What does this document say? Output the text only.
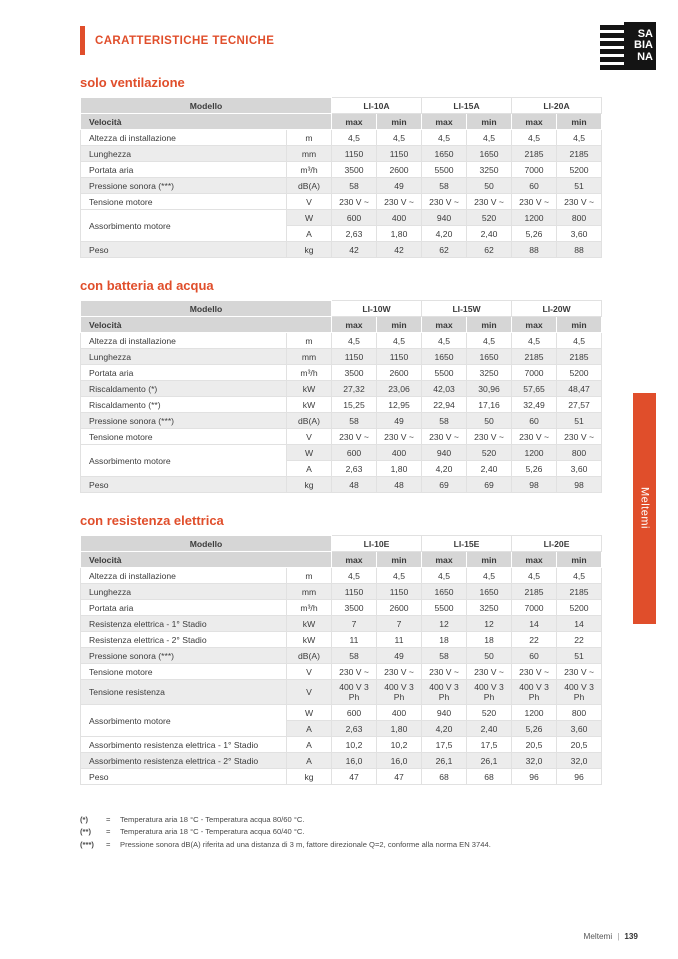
CARATTERISTICHE TECNICHE
SA
BIA
NA
solo ventilazione
Modello		LI-10A		LI-15A		LI-20A	
Velocità		max	min	max	min	max	min
Altezza di installazione	m	4,5	4,5	4,5	4,5	4,5	4,5
Lunghezza	mm	1150	1150	1650	1650	2185	2185
Portata aria	m³/h	3500	2600	5500	3250	7000	5200
Pressione sonora (***)	dB(A)	58	49	58	50	60	51
Tensione motore	V	230 V ~	230 V ~	230 V ~	230 V ~	230 V ~	230 V ~
Assorbimento motore	W	600	400	940	520	1200	800
	A	2,63	1,80	4,20	2,40	5,26	3,60
Peso	kg	42	42	62	62	88	88
con batteria ad acqua
Modello		LI-10W		LI-15W		LI-20W	
Velocità		max	min	max	min	max	min
Altezza di installazione	m	4,5	4,5	4,5	4,5	4,5	4,5
Lunghezza	mm	1150	1150	1650	1650	2185	2185
Portata aria	m³/h	3500	2600	5500	3250	7000	5200
Riscaldamento (*)	kW	27,32	23,06	42,03	30,96	57,65	48,47
Riscaldamento (**)	kW	15,25	12,95	22,94	17,16	32,49	27,57
Pressione sonora (***)	dB(A)	58	49	58	50	60	51
Tensione motore	V	230 V ~	230 V ~	230 V ~	230 V ~	230 V ~	230 V ~
Assorbimento motore	W	600	400	940	520	1200	800
	A	2,63	1,80	4,20	2,40	5,26	3,60
Peso	kg	48	48	69	69	98	98
con resistenza elettrica
Modello		LI-10E		LI-15E		LI-20E	
Velocità		max	min	max	min	max	min
Altezza di installazione	m	4,5	4,5	4,5	4,5	4,5	4,5
Lunghezza	mm	1150	1150	1650	1650	2185	2185
Portata aria	m³/h	3500	2600	5500	3250	7000	5200
Resistenza elettrica - 1° Stadio	kW	7	7	12	12	14	14
Resistenza elettrica - 2° Stadio	kW	11	11	18	18	22	22
Pressione sonora (***)	dB(A)	58	49	58	50	60	51
Tensione motore	V	230 V ~	230 V ~	230 V ~	230 V ~	230 V ~	230 V ~
Tensione resistenza	V	400 V 3 Ph	400 V 3 Ph	400 V 3 Ph	400 V 3 Ph	400 V 3 Ph	400 V 3 Ph
Assorbimento motore	W	600	400	940	520	1200	800
	A	2,63	1,80	4,20	2,40	5,26	3,60
Assorbimento resistenza elettrica - 1° Stadio	A	10,2	10,2	17,5	17,5	20,5	20,5
Assorbimento resistenza elettrica - 2° Stadio	A	16,0	16,0	26,1	26,1	32,0	32,0
Peso	kg	47	47	68	68	96	96
(*)	=	Temperatura aria 18 °C - Temperatura acqua 80/60 °C.
(**)	=	Temperatura aria 18 °C - Temperatura acqua 60/40 °C.
(***)	=	Pressione sonora dB(A) riferita ad una distanza di 3 m, fattore direzionale Q=2, conforme alla norma EN 3744.
Meltemi
Meltemi | 139
